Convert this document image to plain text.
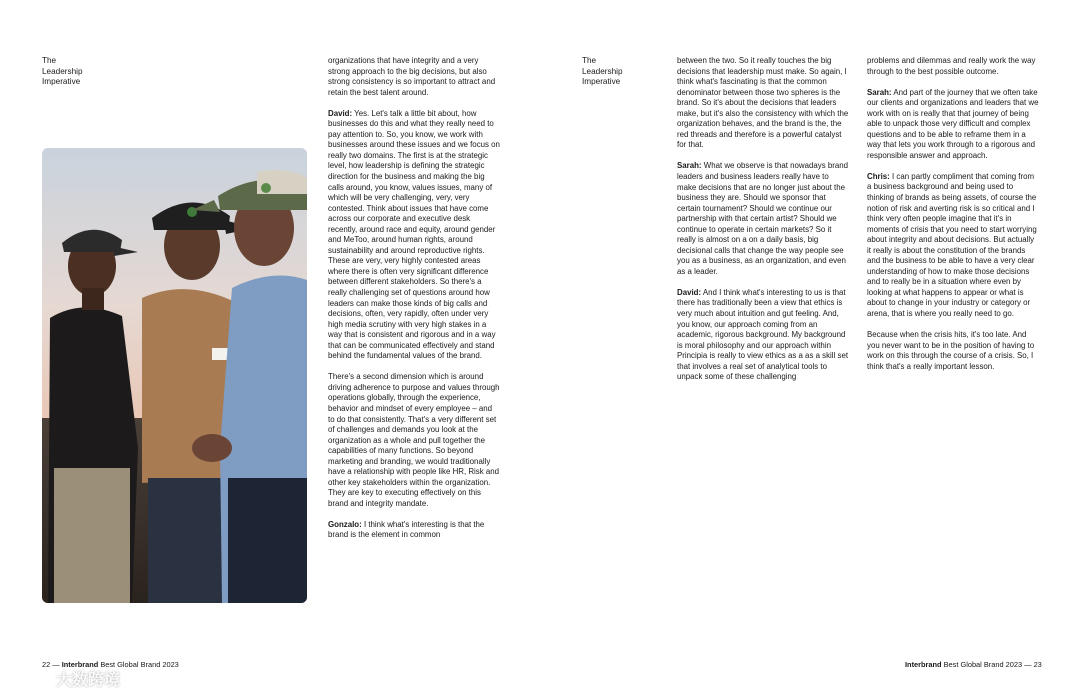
The
Leadership
Imperative

organizations that have integrity and a very strong approach to the big decisions, but also strong consistency is so important to attract and retain the best talent around.

David: Yes. Let's talk a little bit about, how businesses do this and what they really need to pay attention to. So, you know, we work with businesses around these issues and we focus on really two domains. The first is at the strategic level, how leadership is defining the strategic direction for the business and making the big calls around, you know, values issues, many of which will be very challenging, very, very contested. Think about issues that have come across our corporate and executive desk recently, around race and equity, around gender and MeToo, around human rights, around sustainability and around reproductive rights. These are very, very highly contested areas where there is often very significant difference between different stakeholders. So there's a really challenging set of questions around how leaders can make those kinds of big calls and decisions, often, very rapidly, often under very high media scrutiny with very high stakes in a way that is consistent and rigorous and in a way that can be communicated effectively and stand behind the fundamental values of the brand.

There's a second dimension which is around driving adherence to purpose and values through operations globally, through the experience, behavior and mindset of every employee – and to do that consistently. That's a very different set of challenges and demands you look at the organization as a whole and pull together the capabilities of many functions. So beyond marketing and branding, we would traditionally have a relationship with people like HR, Risk and other key stakeholders within the organization. They are key to executing effectively on this brand and integrity mandate.

Gonzalo: I think what's interesting is that the brand is the element in common

22 — Interbrand Best Global Brand 2023
The
Leadership
Imperative

between the two. So it really touches the big decisions that leadership must make. So again, I think what's fascinating is that the common denominator between those two spheres is the brand. So it's about the decisions that leaders make, but it's also the consistency with which the organization behaves, and the brand is the, the red threads and therefore is a powerful catalyst for that.

Sarah: What we observe is that nowadays brand leaders and business leaders really have to make decisions that are no longer just about the business they are. Should we sponsor that certain tournament? Should we continue our partnership with that certain artist? Should we continue to operate in certain markets? So it really is almost on a on a daily basis, big decisional calls that change the way people see you as a business, as an organization, and even as a leader.

David: And I think what's interesting to us is that there has traditionally been a view that ethics is very much about intuition and gut feeling. And, you know, our approach coming from an academic, rigorous background. My background is moral philosophy and our approach within Principia is really to view ethics as a as a skill set that involves a real set of analytical tools to unpack some of these challenging

problems and dilemmas and really work the way through to the best possible outcome.

Sarah: And part of the journey that we often take our clients and organizations and leaders that we work with on is really that that journey of being able to unpack those very difficult and complex questions and to be able to reframe them in a way that lets you work through to a rigorous and responsible answer and approach.

Chris: I can partly compliment that coming from a business background and being used to thinking of brands as being assets, of course the notion of risk and averting risk is so critical and I think very often people imagine that it's in moments of crisis that you need to start worrying about integrity and about decisions. But actually it really is about the constitution of the brands and the business to be able to have a very clear understanding of how to make those decisions and to really be in a situation where even by looking at what happens to appear or what is about to change in your industry or category or arena, that is where you really need to go.

Because when the crisis hits, it's too late. And you never want to be in the position of having to work on this through the course of a crisis. So, I think that's a really important lesson.

Interbrand Best Global Brand 2023 — 23
大数跨境
